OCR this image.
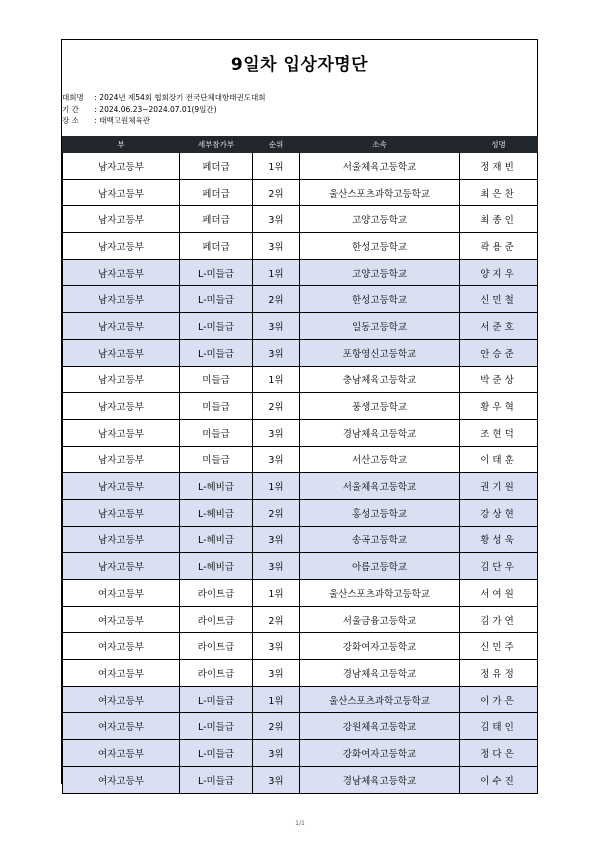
9일차 입상자명단
대회명 : 2024년 제54회 협회장기 전국단체대항태권도대회
기 간 : 2024.06.23~2024.07.01(9일간)
장 소 : 태백고원체육관
부	세부참가부	순위	소속	성명
남자고등부	페더급	1위	서울체육고등학교	정재빈
남자고등부	페더급	2위	울산스포츠과학고등학교	최은찬
남자고등부	페더급	3위	고양고등학교	최종인
남자고등부	페더급	3위	한성고등학교	곽용준
남자고등부	L-미들급	1위	고양고등학교	양지우
남자고등부	L-미들급	2위	한성고등학교	신민철
남자고등부	L-미들급	3위	일동고등학교	서준호
남자고등부	L-미들급	3위	포항영신고등학교	안승준
남자고등부	미들급	1위	충남체육고등학교	박준상
남자고등부	미들급	2위	풍생고등학교	황우혁
남자고등부	미들급	3위	경남체육고등학교	조현덕
남자고등부	미들급	3위	서산고등학교	이태훈
남자고등부	L-헤비급	1위	서울체육고등학교	권기원
남자고등부	L-헤비급	2위	홍성고등학교	강상현
남자고등부	L-헤비급	3위	송곡고등학교	황성욱
남자고등부	L-헤비급	3위	아름고등학교	김단우
여자고등부	라이트급	1위	울산스포츠과학고등학교	서여원
여자고등부	라이트급	2위	서울금융고등학교	김가연
여자고등부	라이트급	3위	강화여자고등학교	신민주
여자고등부	라이트급	3위	경남체육고등학교	정유정
여자고등부	L-미들급	1위	울산스포츠과학고등학교	이가은
여자고등부	L-미들급	2위	강원체육고등학교	김태인
여자고등부	L-미들급	3위	강화여자고등학교	정다은
여자고등부	L-미들급	3위	경남체육고등학교	이수진
1/1
